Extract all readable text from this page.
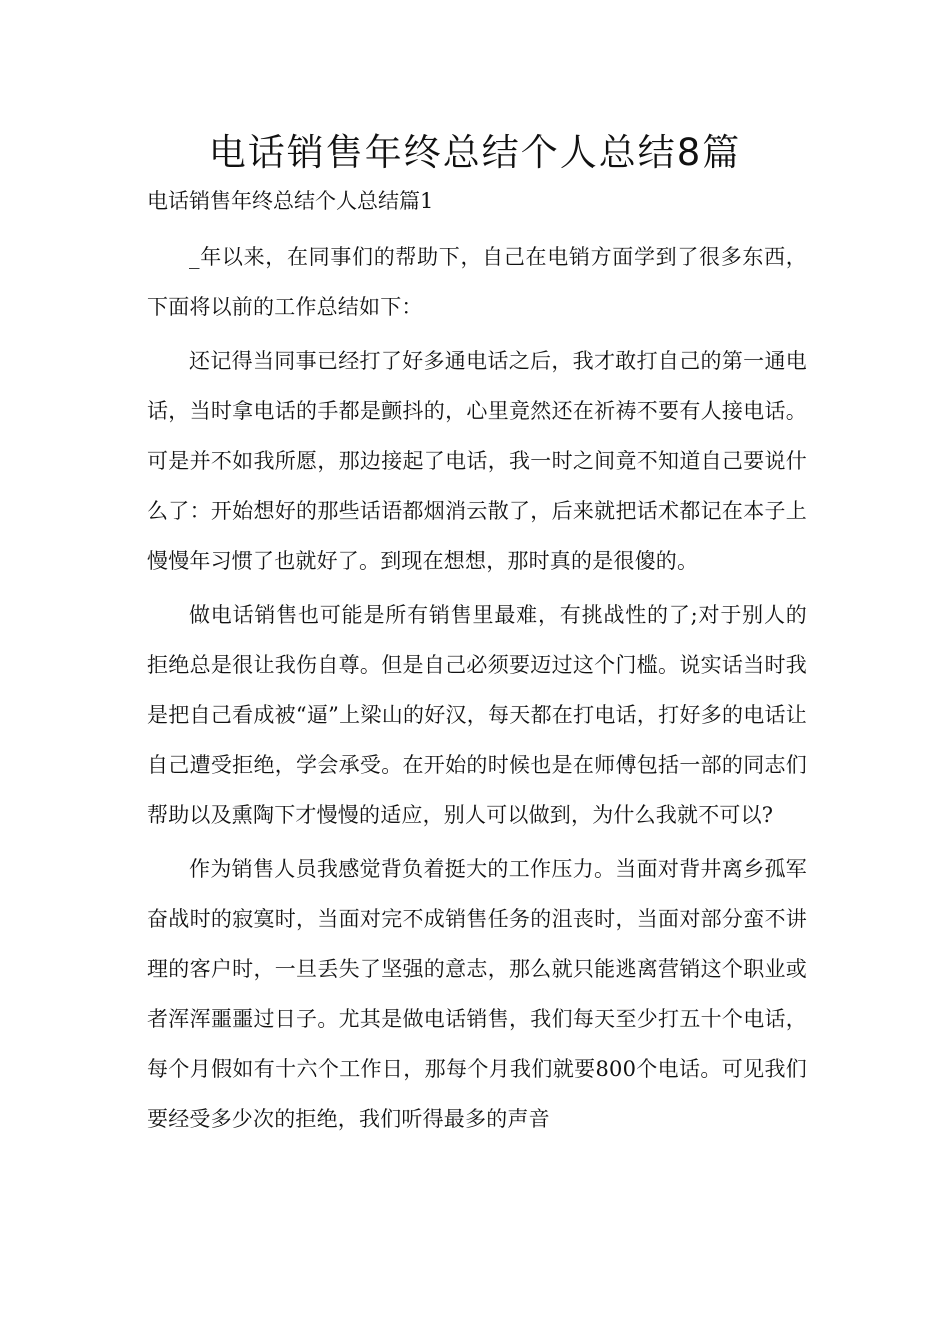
电话销售年终总结个人总结8篇
电话销售年终总结个人总结篇1

_年以来，在同事们的帮助下，自己在电销方面学到了很多东西，下面将以前的工作总结如下：

还记得当同事已经打了好多通电话之后，我才敢打自己的第一通电话，当时拿电话的手都是颤抖的，心里竟然还在祈祷不要有人接电话。可是并不如我所愿，那边接起了电话，我一时之间竟不知道自己要说什么了：开始想好的那些话语都烟消云散了，后来就把话术都记在本子上慢慢年习惯了也就好了。到现在想想，那时真的是很傻的。

做电话销售也可能是所有销售里最难，有挑战性的了;对于别人的拒绝总是很让我伤自尊。但是自己必须要迈过这个门槛。说实话当时我是把自己看成被“逼”上梁山的好汉，每天都在打电话，打好多的电话让自己遭受拒绝，学会承受。在开始的时候也是在师傅包括一部的同志们帮助以及熏陶下才慢慢的适应，别人可以做到，为什么我就不可以?

作为销售人员我感觉背负着挺大的工作压力。当面对背井离乡孤军奋战时的寂寞时，当面对完不成销售任务的沮丧时，当面对部分蛮不讲理的客户时，一旦丢失了坚强的意志，那么就只能逃离营销这个职业或者浑浑噩噩过日子。尤其是做电话销售，我们每天至少打五十个电话，每个月假如有十六个工作日，那每个月我们就要800个电话。可见我们要经受多少次的拒绝，我们听得最多的声音
